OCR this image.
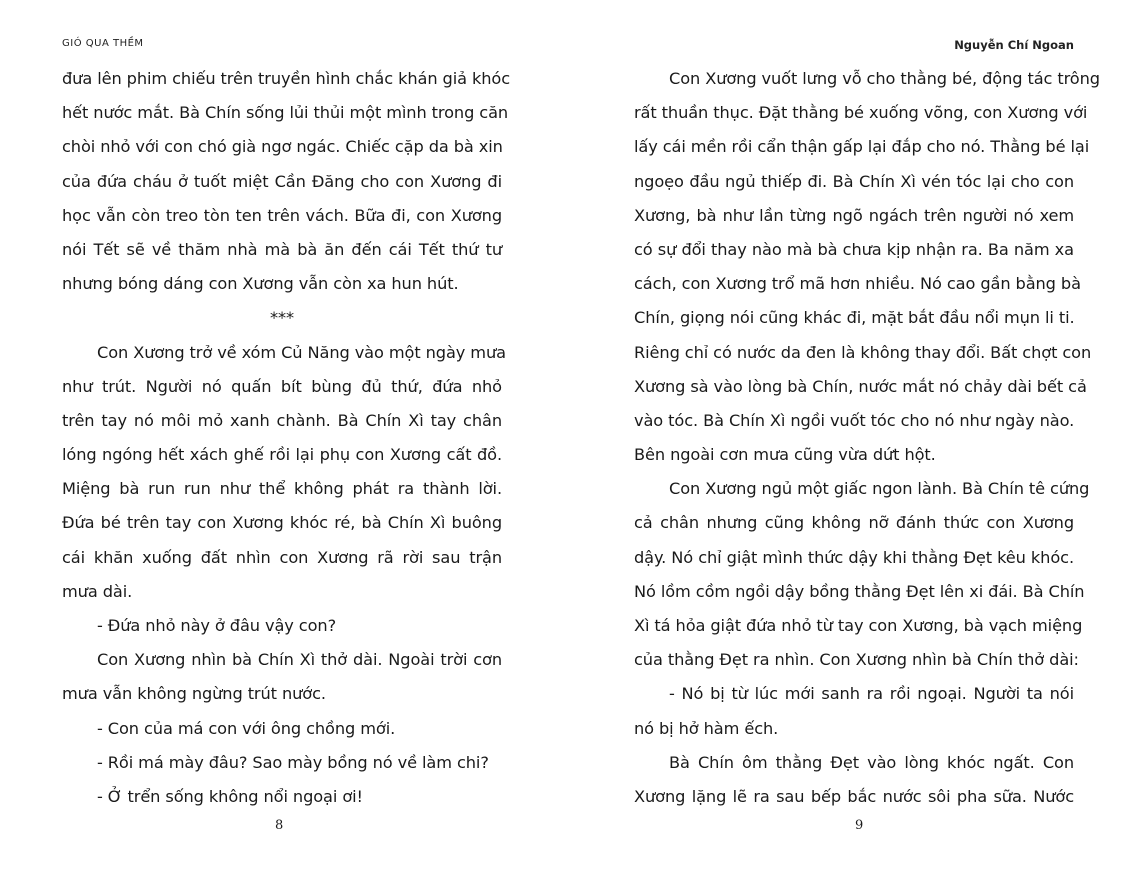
GIÓ QUA THỀM
đưa lên phim chiếu trên truyền hình chắc khán giả khóc
hết nước mắt. Bà Chín sống lủi thủi một mình trong căn
chòi nhỏ với con chó già ngơ ngác. Chiếc cặp da bà xin
của đứa cháu ở tuốt miệt Cần Đăng cho con Xương đi
học vẫn còn treo tòn ten trên vách. Bữa đi, con Xương
nói Tết sẽ về thăm nhà mà bà ăn đến cái Tết thứ tư
nhưng bóng dáng con Xương vẫn còn xa hun hút.
***
Con Xương trở về xóm Củ Năng vào một ngày mưa
như trút. Người nó quấn bít bùng đủ thứ, đứa nhỏ
trên tay nó môi mỏ xanh chành. Bà Chín Xì tay chân
lóng ngóng hết xách ghế rồi lại phụ con Xương cất đồ.
Miệng bà run run như thể không phát ra thành lời.
Đứa bé trên tay con Xương khóc ré, bà Chín Xì buông
cái khăn xuống đất nhìn con Xương rã rời sau trận
mưa dài.
- Đứa nhỏ này ở đâu vậy con?
Con Xương nhìn bà Chín Xì thở dài. Ngoài trời cơn
mưa vẫn không ngừng trút nước.
- Con của má con với ông chồng mới.
- Rồi má mày đâu? Sao mày bồng nó về làm chi?
- Ở trển sống không nổi ngoại ơi!
8
Nguyễn Chí Ngoan
Con Xương vuốt lưng vỗ cho thằng bé, động tác trông
rất thuần thục. Đặt thằng bé xuống võng, con Xương với
lấy cái mền rồi cẩn thận gấp lại đắp cho nó. Thằng bé lại
ngoẹo đầu ngủ thiếp đi. Bà Chín Xì vén tóc lại cho con
Xương, bà như lần từng ngõ ngách trên người nó xem
có sự đổi thay nào mà bà chưa kịp nhận ra. Ba năm xa
cách, con Xương trổ mã hơn nhiều. Nó cao gần bằng bà
Chín, giọng nói cũng khác đi, mặt bắt đầu nổi mụn li ti.
Riêng chỉ có nước da đen là không thay đổi. Bất chợt con
Xương sà vào lòng bà Chín, nước mắt nó chảy dài bết cả
vào tóc. Bà Chín Xì ngồi vuốt tóc cho nó như ngày nào.
Bên ngoài cơn mưa cũng vừa dứt hột.
Con Xương ngủ một giấc ngon lành. Bà Chín tê cứng
cả chân nhưng cũng không nỡ đánh thức con Xương
dậy. Nó chỉ giật mình thức dậy khi thằng Đẹt kêu khóc.
Nó lồm cồm ngồi dậy bồng thằng Đẹt lên xi đái. Bà Chín
Xì tá hỏa giật đứa nhỏ từ tay con Xương, bà vạch miệng
của thằng Đẹt ra nhìn. Con Xương nhìn bà Chín thở dài:
- Nó bị từ lúc mới sanh ra rồi ngoại. Người ta nói
nó bị hở hàm ếch.
Bà Chín ôm thằng Đẹt vào lòng khóc ngất. Con
Xương lặng lẽ ra sau bếp bắc nước sôi pha sữa. Nước
9
